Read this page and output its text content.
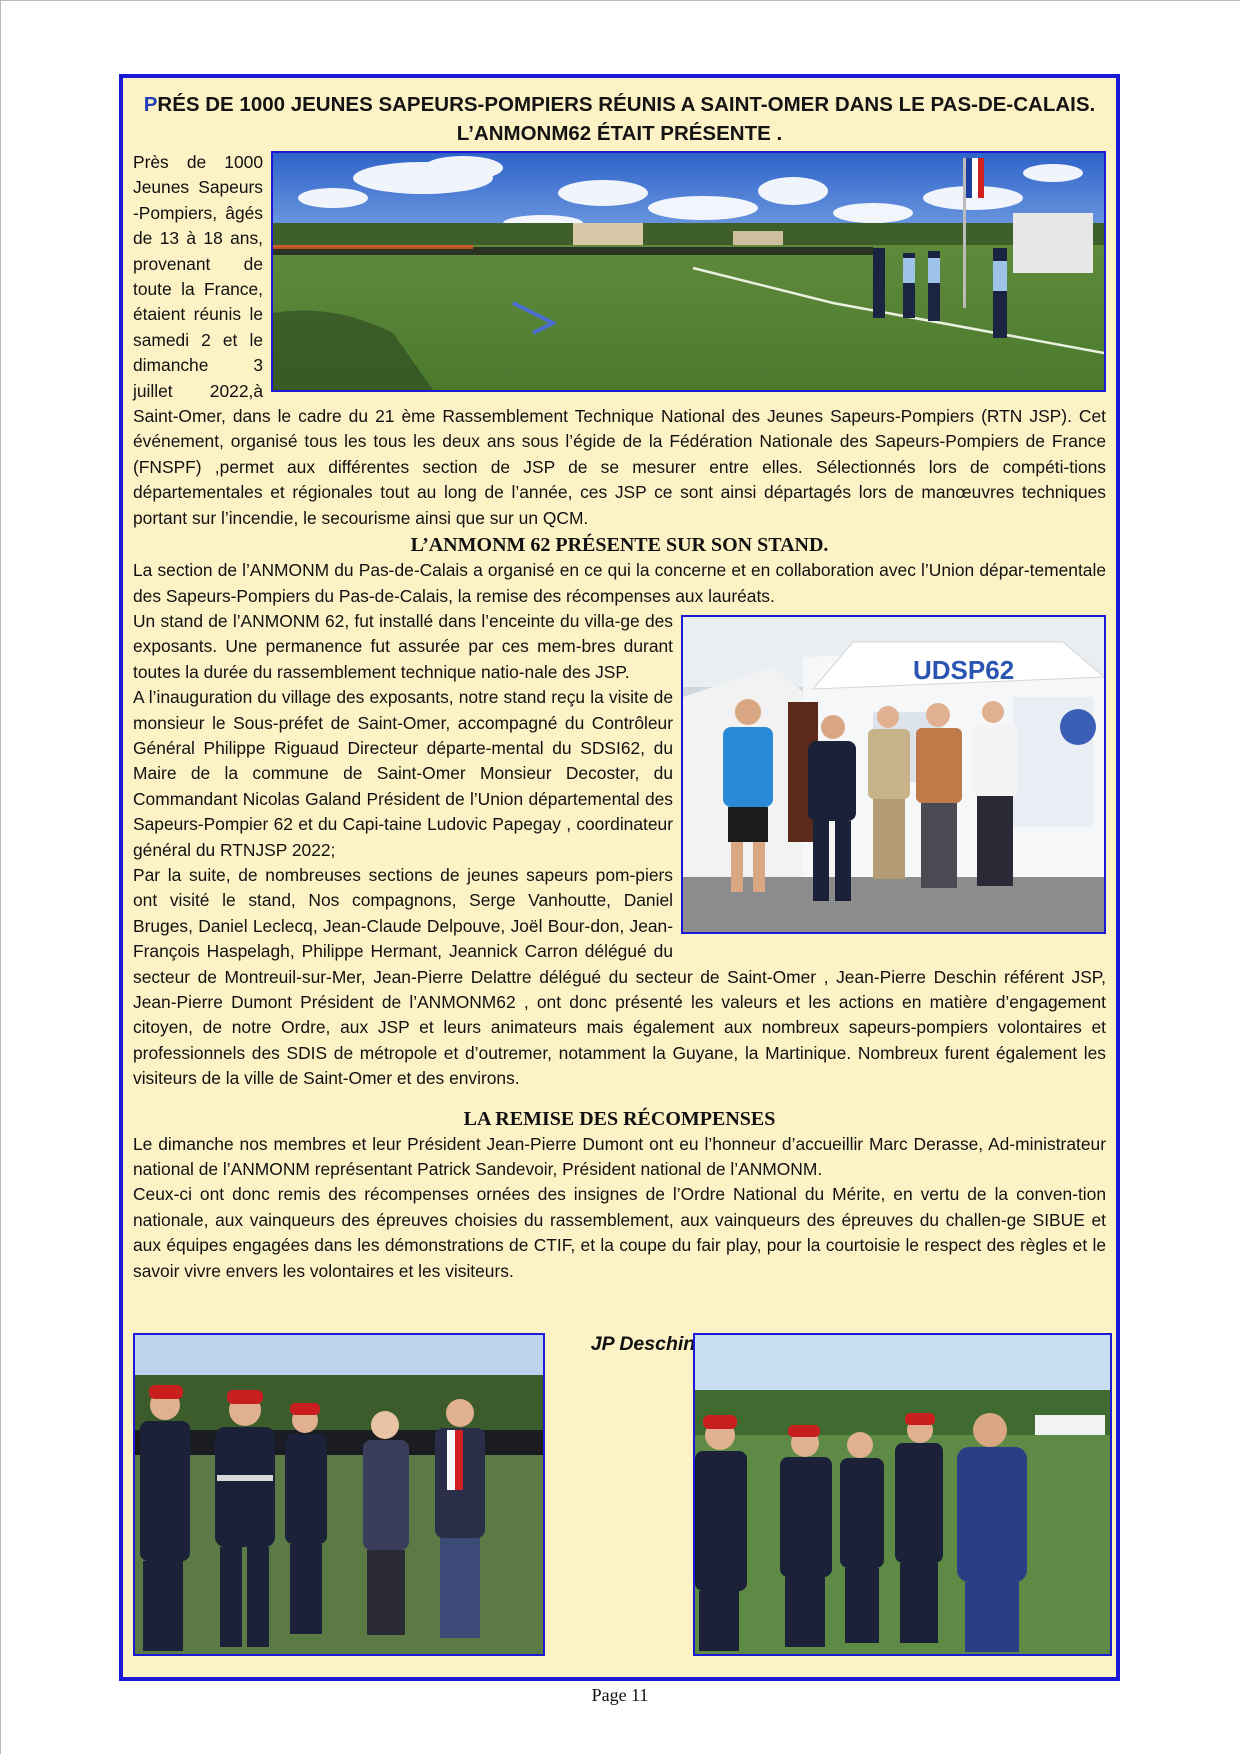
PRÉS DE 1000 JEUNES SAPEURS-POMPIERS RÉUNIS A SAINT-OMER DANS LE PAS-DE-CALAIS.
L’ANMONM62 ÉTAIT PRÉSENTE .

Près de 1000 Jeunes Sapeurs -Pompiers, âgés de 13 à 18 ans, provenant de toute la France, étaient réunis le samedi 2 et le dimanche 3 juillet 2022,à Saint-Omer, dans le cadre du 21 ème Rassemblement Technique National des Jeunes Sapeurs-Pompiers (RTN JSP). Cet événement, organisé tous les tous les deux ans sous l’égide de la Fédération Nationale des Sapeurs-Pompiers de France (FNSPF) ,permet aux différentes section de JSP de se mesurer entre elles. Sélectionnés lors de compéti-tions départementales et régionales tout au long de l’année, ces JSP ce sont ainsi départagés lors de manœuvres techniques portant sur l’incendie, le secourisme ainsi que sur un QCM.

L’ANMONM 62 PRÉSENTE SUR SON STAND.

La section de l’ANMONM du Pas-de-Calais a organisé en ce qui la concerne et en collaboration avec l’Union dépar-tementale des Sapeurs-Pompiers du Pas-de-Calais, la remise des récompenses aux lauréats.

UDSP62

Un stand de l’ANMONM 62, fut installé dans l’enceinte du villa-ge des exposants. Une permanence fut assurée par ces mem-bres durant toutes la durée du rassemblement technique natio-nale des JSP.

A l’inauguration du village des exposants, notre stand reçu la visite de monsieur le Sous-préfet de Saint-Omer, accompagné du Contrôleur Général Philippe Riguaud Directeur départe-mental du SDSI62, du Maire de la commune de Saint-Omer Monsieur Decoster, du Commandant Nicolas Galand Président de l’Union départemental des Sapeurs-Pompier 62 et du Capi-taine Ludovic Papegay , coordinateur général du RTNJSP 2022;

Par la suite, de nombreuses sections de jeunes sapeurs pom-piers ont visité le stand, Nos compagnons, Serge Vanhoutte, Daniel Bruges, Daniel Leclecq, Jean-Claude Delpouve, Joël Bour-don, Jean-François Haspelagh, Philippe Hermant, Jeannick Carron délégué du secteur de Montreuil-sur-Mer, Jean-Pierre Delattre délégué du secteur de Saint-Omer , Jean-Pierre Deschin référent JSP, Jean-Pierre Dumont Président de l’ANMONM62 , ont donc présenté les valeurs et les actions en matière d’engagement citoyen, de notre Ordre, aux JSP et leurs animateurs mais également aux nombreux sapeurs-pompiers volontaires et professionnels des SDIS de métropole et d’outremer, notamment la Guyane, la Martinique. Nombreux furent également les visiteurs de la ville de Saint-Omer et des environs.

LA REMISE DES RÉCOMPENSES

Le dimanche nos membres et leur Président Jean-Pierre Dumont ont eu l’honneur d’accueillir Marc Derasse, Ad-ministrateur national de l’ANMONM représentant Patrick Sandevoir, Président national de l’ANMONM.

Ceux-ci ont donc remis des récompenses ornées des insignes de l’Ordre National du Mérite, en vertu de la conven-tion nationale, aux vainqueurs des épreuves choisies du rassemblement, aux vainqueurs des épreuves du challen-ge SIBUE et aux équipes engagées dans les démonstrations de CTIF, et la coupe du fair play, pour la courtoisie le respect des règles et le savoir vivre envers les volontaires et les visiteurs.

JP Deschin
Page 11
